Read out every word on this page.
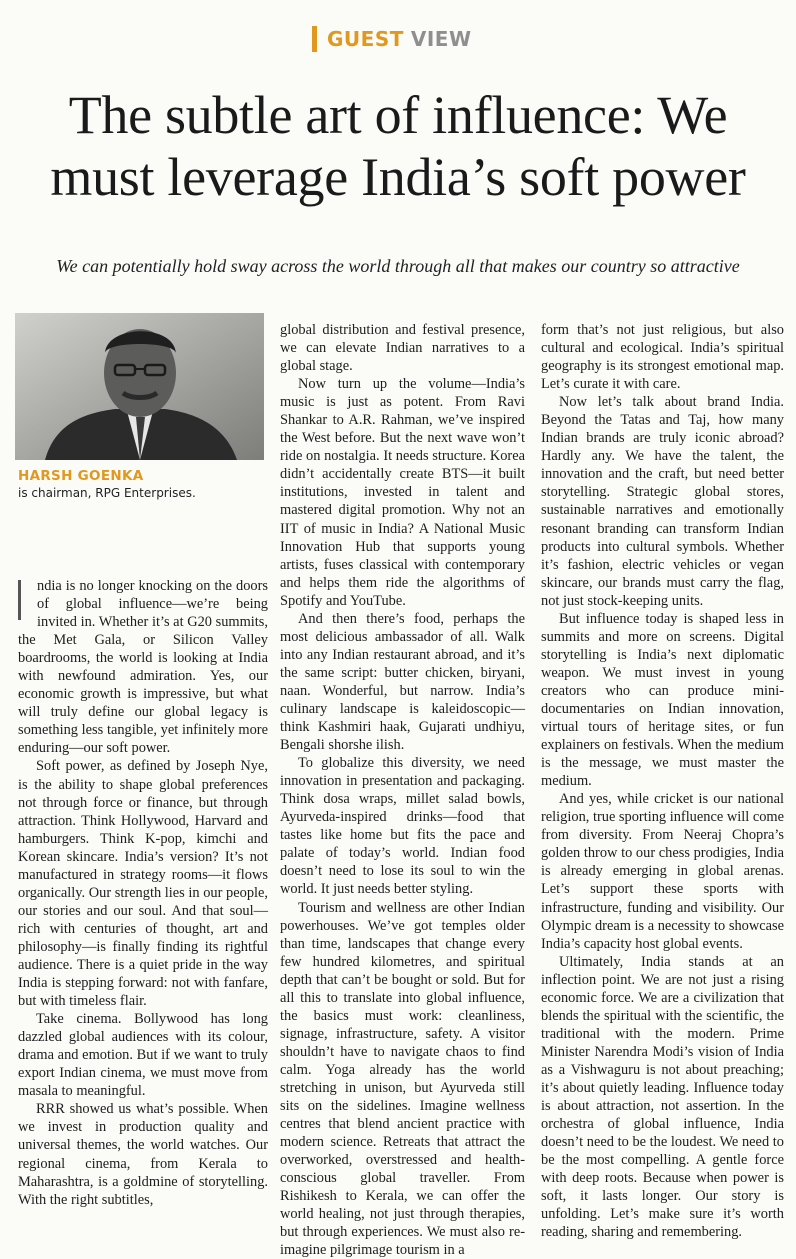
GUEST VIEW
The subtle art of influence: We
must leverage India’s soft power
We can potentially hold sway across the world through all that makes our country so attractive
HARSH GOENKA
is chairman, RPG Enterprises.

ndia is no longer knocking on the doors of global influence—we’re being invited in. Whether it’s at G20 summits, the Met Gala, or Silicon Valley boardrooms, the world is looking at India with newfound admiration. Yes, our economic growth is impressive, but what will truly define our global legacy is something less tangible, yet infinitely more enduring—our soft power.

Soft power, as defined by Joseph Nye, is the ability to shape global preferences not through force or finance, but through attraction. Think Hollywood, Harvard and hamburgers. Think K-pop, kimchi and Korean skincare. India’s version? It’s not manufactured in strategy rooms—it flows organically. Our strength lies in our people, our stories and our soul. And that soul—rich with centuries of thought, art and philosophy—is finally finding its rightful audience. There is a quiet pride in the way India is stepping forward: not with fanfare, but with timeless flair.

Take cinema. Bollywood has long dazzled global audiences with its colour, drama and emotion. But if we want to truly export Indian cinema, we must move from masala to meaningful.

RRR showed us what’s possible. When we invest in production quality and universal themes, the world watches. Our regional cinema, from Kerala to Maharashtra, is a goldmine of storytelling. With the right subtitles,

global distribution and festival presence, we can elevate Indian narratives to a global stage.

Now turn up the volume—India’s music is just as potent. From Ravi Shankar to A.R. Rahman, we’ve inspired the West before. But the next wave won’t ride on nostalgia. It needs structure. Korea didn’t accidentally create BTS—it built institutions, invested in talent and mastered digital promotion. Why not an IIT of music in India? A National Music Innovation Hub that supports young artists, fuses classical with contemporary and helps them ride the algorithms of Spotify and YouTube.

And then there’s food, perhaps the most delicious ambassador of all. Walk into any Indian restaurant abroad, and it’s the same script: butter chicken, biryani, naan. Wonderful, but narrow. India’s culinary landscape is kaleidoscopic—think Kashmiri haak, Gujarati undhiyu, Bengali shorshe ilish.

To globalize this diversity, we need innovation in presentation and packaging. Think dosa wraps, millet salad bowls, Ayurveda-inspired drinks—food that tastes like home but fits the pace and palate of today’s world. Indian food doesn’t need to lose its soul to win the world. It just needs better styling.

Tourism and wellness are other Indian powerhouses. We’ve got temples older than time, landscapes that change every few hundred kilometres, and spiritual depth that can’t be bought or sold. But for all this to translate into global influence, the basics must work: cleanliness, signage, infrastructure, safety. A visitor shouldn’t have to navigate chaos to find calm. Yoga already has the world stretching in unison, but Ayurveda still sits on the sidelines. Imagine wellness centres that blend ancient practice with modern science. Retreats that attract the overworked, overstressed and health-conscious global traveller. From Rishikesh to Kerala, we can offer the world healing, not just through therapies, but through experiences. We must also re-imagine pilgrimage tourism in a

form that’s not just religious, but also cultural and ecological. India’s spiritual geography is its strongest emotional map. Let’s curate it with care.

Now let’s talk about brand India. Beyond the Tatas and Taj, how many Indian brands are truly iconic abroad? Hardly any. We have the talent, the innovation and the craft, but need better storytelling. Strategic global stores, sustainable narratives and emotionally resonant branding can transform Indian products into cultural symbols. Whether it’s fashion, electric vehicles or vegan skincare, our brands must carry the flag, not just stock-keeping units.

But influence today is shaped less in summits and more on screens. Digital storytelling is India’s next diplomatic weapon. We must invest in young creators who can produce mini-documentaries on Indian innovation, virtual tours of heritage sites, or fun explainers on festivals. When the medium is the message, we must master the medium.

And yes, while cricket is our national religion, true sporting influence will come from diversity. From Neeraj Chopra’s golden throw to our chess prodigies, India is already emerging in global arenas. Let’s support these sports with infrastructure, funding and visibility. Our Olympic dream is a necessity to showcase India’s capacity host global events.

Ultimately, India stands at an inflection point. We are not just a rising economic force. We are a civilization that blends the spiritual with the scientific, the traditional with the modern. Prime Minister Narendra Modi’s vision of India as a Vishwaguru is not about preaching; it’s about quietly leading. Influence today is about attraction, not assertion. In the orchestra of global influence, India doesn’t need to be the loudest. We need to be the most compelling. A gentle force with deep roots. Because when power is soft, it lasts longer. Our story is unfolding. Let’s make sure it’s worth reading, sharing and remembering.
